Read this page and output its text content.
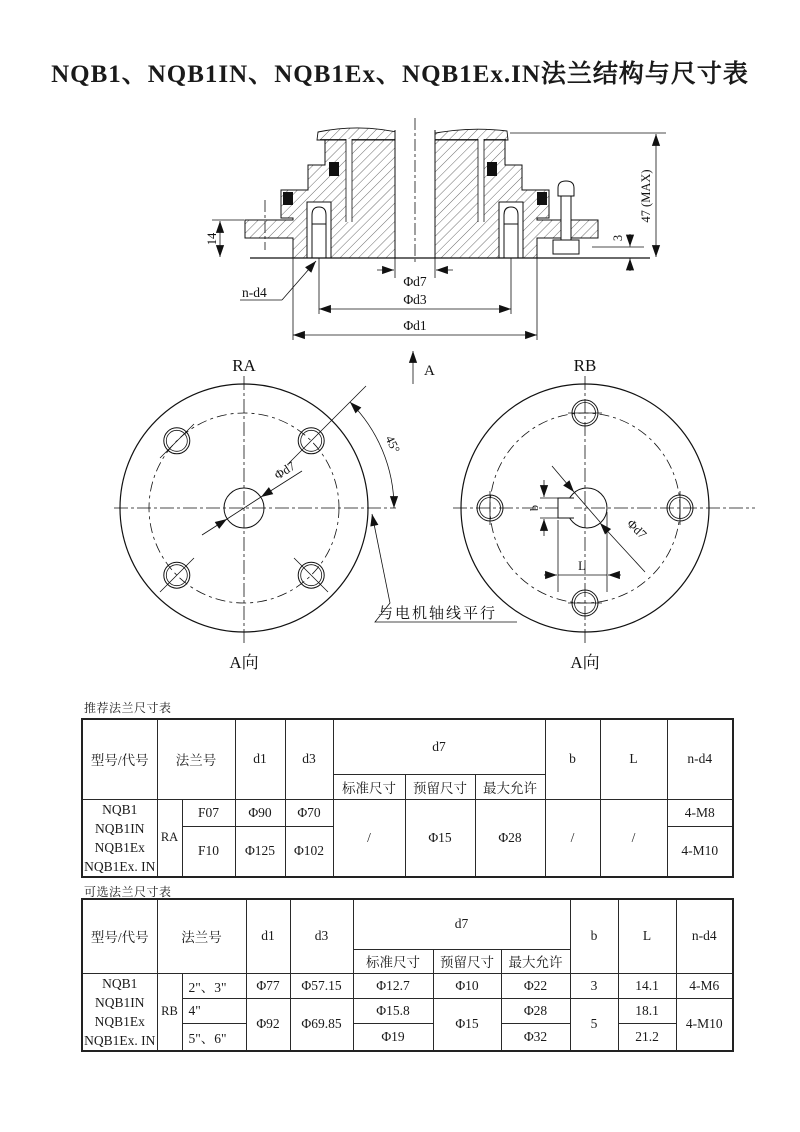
NQB1、NQB1IN、NQB1Ex、NQB1Ex.IN法兰结构与尺寸表
14
47 (MAX)
3
n-d4
Φd7
Φd3
Φd1
A
RA
45°
Φd7
A向
与电机轴线平行
RB
b
L
Φd7
A向
推荐法兰尺寸表
型号/代号	法兰号		d1	d3	d7			b	L	n-d4
					标准尺寸	预留尺寸	最大允许			

NQB1
NQB1IN
NQB1Ex
NQB1Ex. IN	RA	F07	Φ90	Φ70	/	Φ15	Φ28	/	/	4-M8
		F10	Φ125	Φ102						4-M10
可选法兰尺寸表
型号/代号	法兰号		d1	d3	d7			b	L	n-d4
					标准尺寸	预留尺寸	最大允许			

NQB1
NQB1IN
NQB1Ex
NQB1Ex. IN	RB	2"、3"	Φ77	Φ57.15	Φ12.7	Φ10	Φ22	3	14.1	4-M6
		4"	Φ92	Φ69.85	Φ15.8	Φ15	Φ28	5	18.1	4-M10
		5"、6"			Φ19		Φ32		21.2	
